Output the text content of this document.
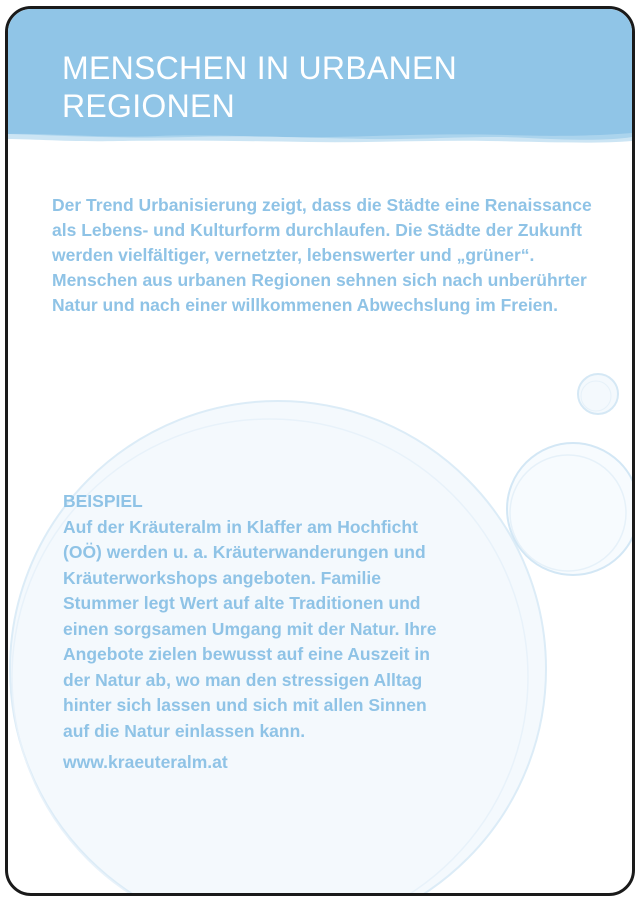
MENSCHEN IN URBANEN REGIONEN

Der Trend Urbanisierung zeigt, dass die Städte eine Renaissance als Lebens- und Kulturform durchlaufen. Die Städte der Zukunft werden vielfältiger, vernetzter, lebenswerter und „grüner“. Menschen aus urbanen Regionen sehnen sich nach unberührter Natur und nach einer willkommenen Abwechslung im Freien.

BEISPIEL

Auf der Kräuteralm in Klaffer am Hochficht (OÖ) werden u. a. Kräuterwanderungen und Kräuterworkshops angeboten. Familie Stummer legt Wert auf alte Traditionen und einen sorgsamen Umgang mit der Natur. Ihre Angebote zielen bewusst auf eine Auszeit in der Natur ab, wo man den stressigen Alltag hinter sich lassen und sich mit allen Sinnen auf die Natur einlassen kann.

www.kraeuteralm.at
